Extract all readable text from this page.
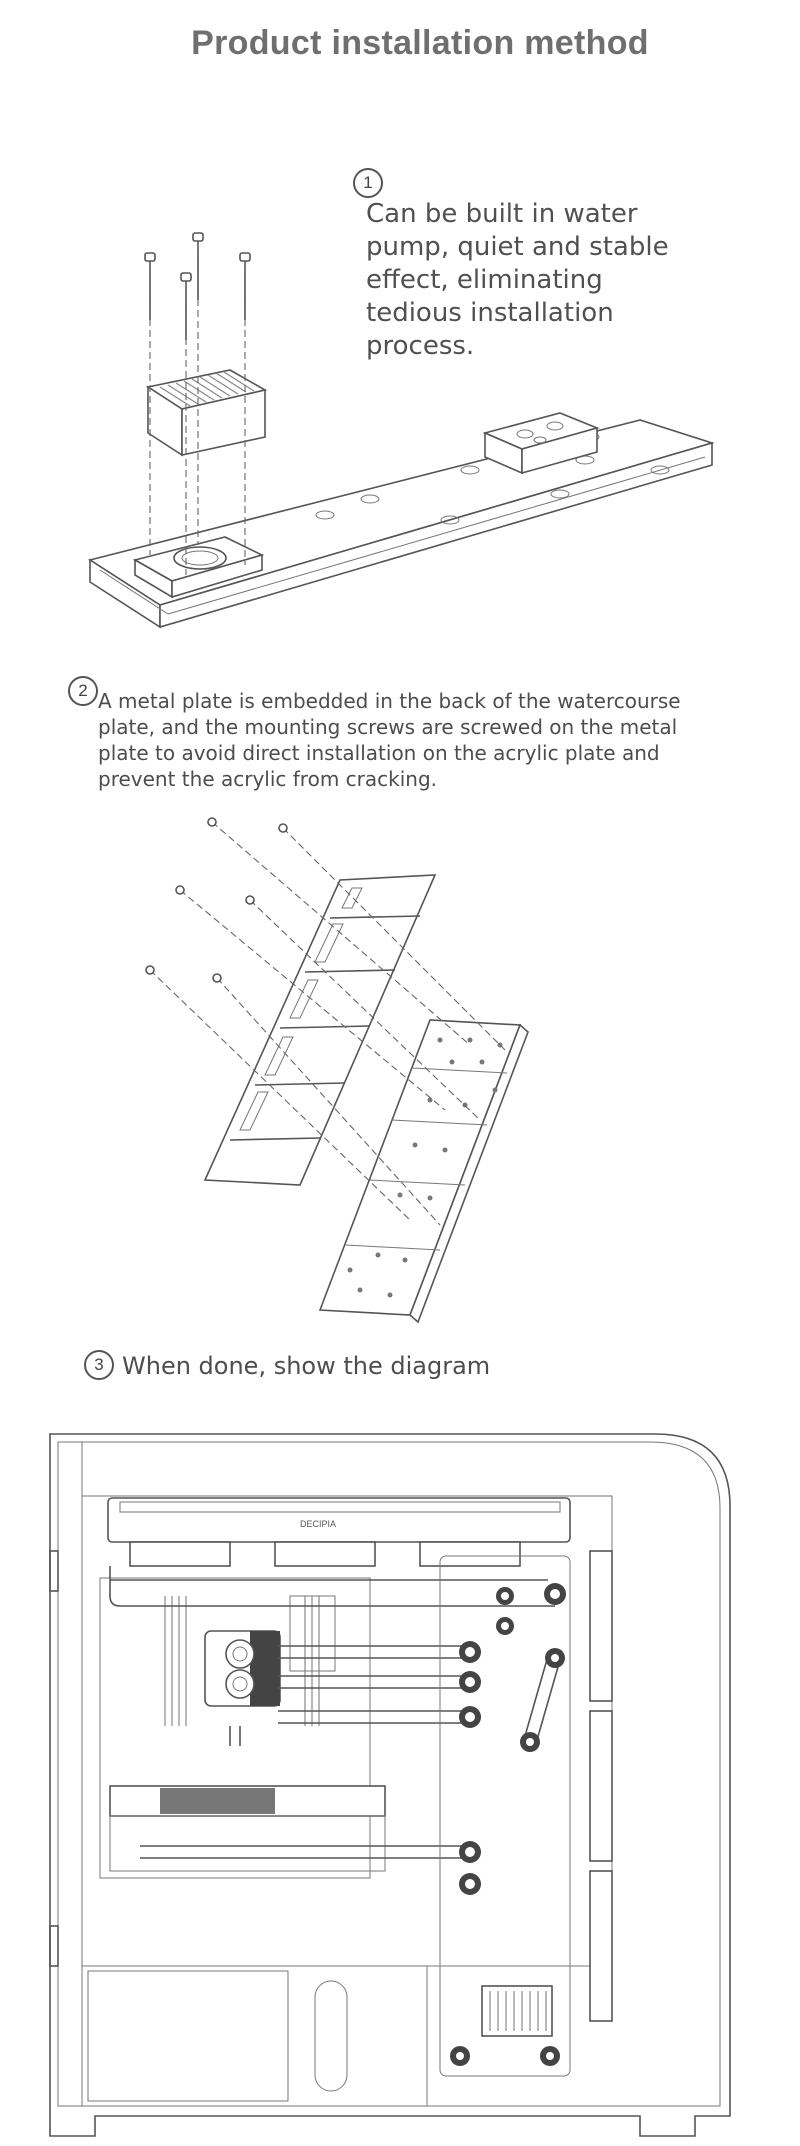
Product installation method
1
Can be built in water pump, quiet and stable effect, eliminating tedious installation process.
2 A metal plate is embedded in the back of the watercourse plate, and the mounting screws are screwed on the metal plate to avoid direct installation on the acrylic plate and prevent the acrylic from cracking.
3 When done, show the diagram
DECIPIA
